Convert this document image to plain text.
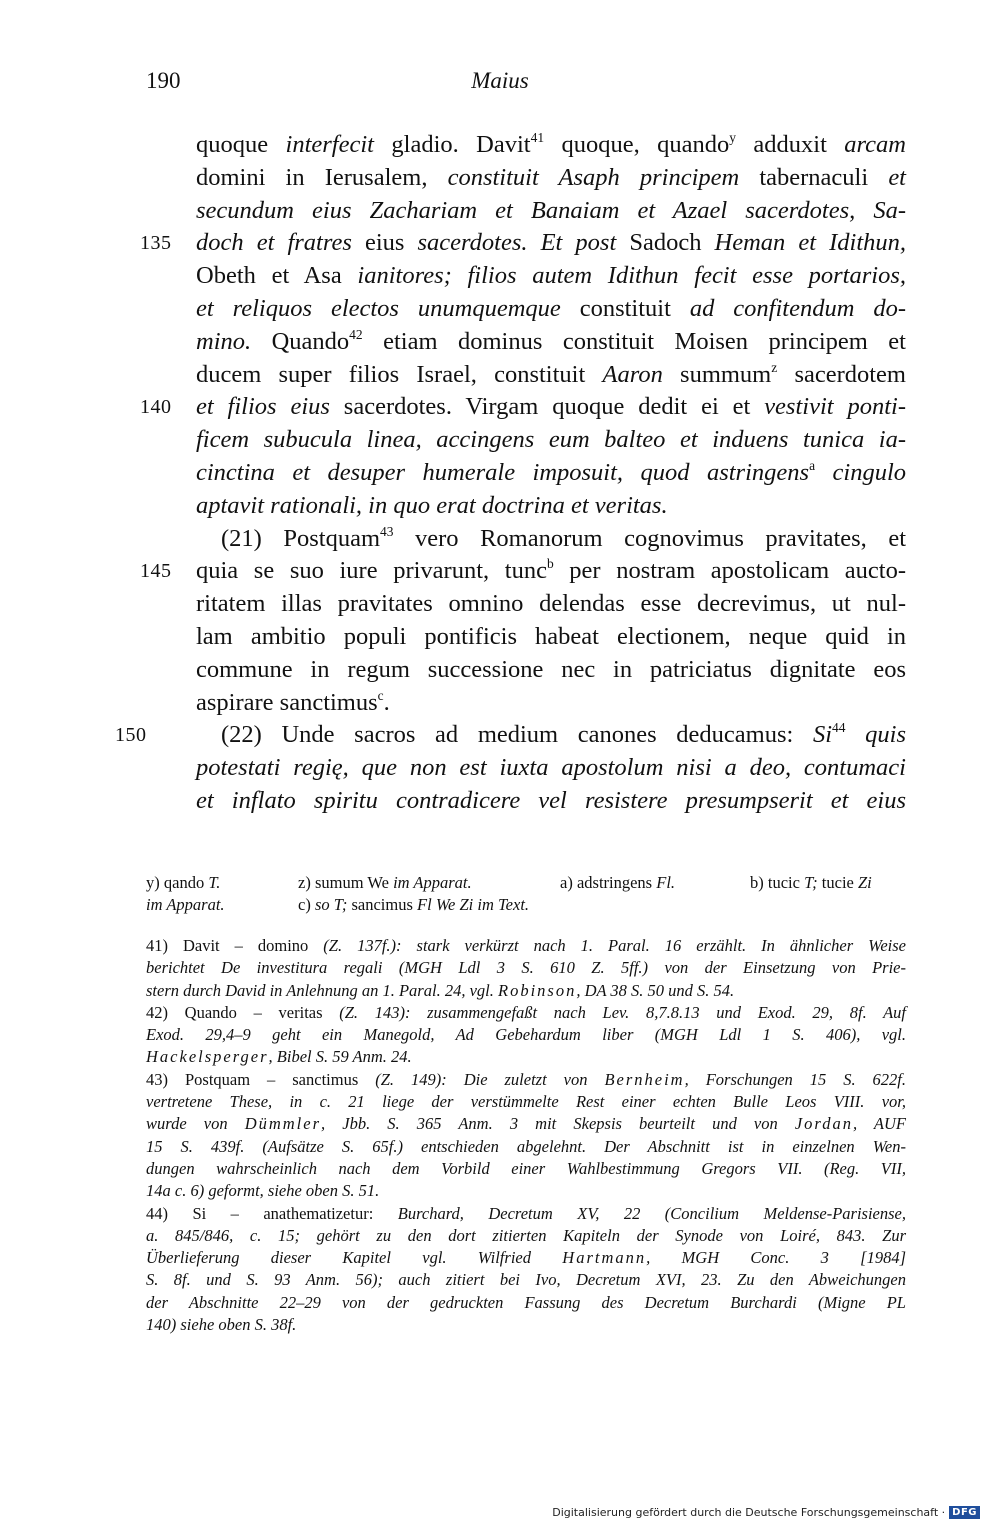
190	Maius
quoque interfecit gladio. Davit$^{41}$ quoque, quando$^y$ adduxit arcam
domini in Ierusalem, constituit Asaph principem tabernaculi et
secundum eius Zachariam et Banaiam et Azael sacerdotes, Sa-
135 doch et fratres eius sacerdotes. Et post Sadoch Heman et Idithun,
Obeth et Asa ianitores; filios autem Idithun fecit esse portarios,
et reliquos electos unumquemque constituit ad confitendum do-
mino. Quando$^{42}$ etiam dominus constituit Moisen principem et
ducem super filios Israel, constituit Aaron summum$^z$ sacerdotem
140 et filios eius sacerdotes. Virgam quoque dedit ei et vestivit ponti-
ficem subucula linea, accingens eum balteo et induens tunica ia-
cinctina et desuper humerale imposuit, quod astringens$^a$ cingulo
aptavit rationali, in quo erat doctrina et veritas.
(21) Postquam$^{43}$ vero Romanorum cognovimus pravitates, et
145 quia se suo iure privarunt, tunc$^b$ per nostram apostolicam aucto-
ritatem illas pravitates omnino delendas esse decrevimus, ut nul-
lam ambitio populi pontificis habeat electionem, neque quid in
commune in regum successione nec in patriciatus dignitate eos
aspirare sanctimus$^c$.
150	(22) Unde sacros ad medium canones deducamus: Si$^{44}$ quis
potestati regię, que non est iuxta apostolum nisi a deo, contumaci
et inflato spiritu contradicere vel resistere presumpserit et eius
y) qando T.	z) sumum We im Apparat.	a) adstringens Fl.	b) tucic T; tucie Zi
im Apparat.	c) so T; sancimus Fl We Zi im Text.
41) Davit – domino (Z. 137f.): stark verkürzt nach 1. Paral. 16 erzählt. In ähnlicher Weise
berichtet De investitura regali (MGH Ldl 3 S. 610 Z. 5ff.) von der Einsetzung von Prie-
stern durch David in Anlehnung an 1. Paral. 24, vgl. Robinson, DA 38 S. 50 und S. 54.
42) Quando – veritas (Z. 143): zusammengefaßt nach Lev. 8,7.8.13 und Exod. 29, 8f. Auf
Exod. 29,4–9 geht ein Manegold, Ad Gebehardum liber (MGH Ldl 1 S. 406), vgl.
Hackelsperger, Bibel S. 59 Anm. 24.
43) Postquam – sanctimus (Z. 149): Die zuletzt von Bernheim, Forschungen 15 S. 622f.
vertretene These, in c. 21 liege der verstümmelte Rest einer echten Bulle Leos VIII. vor,
wurde von Dümmler, Jbb. S. 365 Anm. 3 mit Skepsis beurteilt und von Jordan, AUF
15 S. 439f. (Aufsätze S. 65f.) entschieden abgelehnt. Der Abschnitt ist in einzelnen Wen-
dungen wahrscheinlich nach dem Vorbild einer Wahlbestimmung Gregors VII. (Reg. VII,
14a c. 6) geformt, siehe oben S. 51.
44) Si – anathematizetur: Burchard, Decretum XV, 22 (Concilium Meldense-Parisiense,
a. 845/846, c. 15; gehört zu den dort zitierten Kapiteln der Synode von Loiré, 843. Zur
Überlieferung dieser Kapitel vgl. Wilfried Hartmann, MGH Conc. 3 [1984]
S. 8f. und S. 93 Anm. 56); auch zitiert bei Ivo, Decretum XVI, 23. Zu den Abweichungen
der Abschnitte 22–29 von der gedruckten Fassung des Decretum Burchardi (Migne PL
140) siehe oben S. 38f.
Digitalisierung gefördert durch die Deutsche Forschungsgemeinschaft · DFG
